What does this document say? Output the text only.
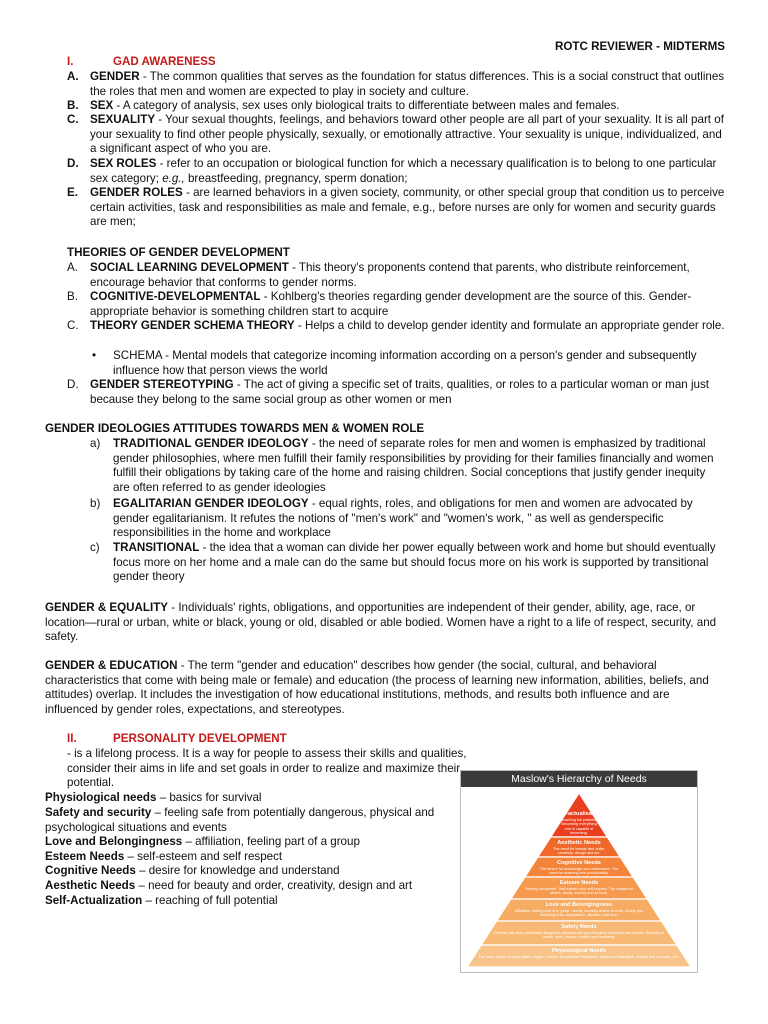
ROTC REVIEWER - MIDTERMS
I.	GAD AWARENESS
A. GENDER - The common qualities that serves as the foundation for status differences. This is a social construct that outlines the roles that men and women are expected to play in society and culture.
B. SEX - A category of analysis, sex uses only biological traits to differentiate between males and females.
C. SEXUALITY - Your sexual thoughts, feelings, and behaviors toward other people are all part of your sexuality. It is all part of your sexuality to find other people physically, sexually, or emotionally attractive. Your sexuality is unique, individualized, and a significant aspect of who you are.
D. SEX ROLES - refer to an occupation or biological function for which a necessary qualification is to belong to one particular sex category; e.g., breastfeeding, pregnancy, sperm donation;
E. GENDER ROLES - are learned behaviors in a given society, community, or other special group that condition us to perceive certain activities, task and responsibilities as male and female, e.g., before nurses are only for women and security guards are men;
THEORIES OF GENDER DEVELOPMENT
A. SOCIAL LEARNING DEVELOPMENT - This theory's proponents contend that parents, who distribute reinforcement, encourage behavior that conforms to gender norms.
B. COGNITIVE-DEVELOPMENTAL - Kohlberg's theories regarding gender development are the source of this. Gender-appropriate behavior is something children start to acquire
C. THEORY GENDER SCHEMA THEORY - Helps a child to develop gender identity and formulate an appropriate gender role.
• SCHEMA - Mental models that categorize incoming information according on a person's gender and subsequently influence how that person views the world
D. GENDER STEREOTYPING - The act of giving a specific set of traits, qualities, or roles to a particular woman or man just because they belong to the same social group as other women or men
GENDER IDEOLOGIES ATTITUDES TOWARDS MEN & WOMEN ROLE
a) TRADITIONAL GENDER IDEOLOGY - the need of separate roles for men and women is emphasized by traditional gender philosophies, where men fulfill their family responsibilities by providing for their families financially and women fulfill their obligations by taking care of the home and raising children. Social conceptions that justify gender inequity are often referred to as gender ideologies
b) EGALITARIAN GENDER IDEOLOGY - equal rights, roles, and obligations for men and women are advocated by gender egalitarianism. It refutes the notions of "men's work" and "women's work, " as well as genderspecific responsibilities in the home and workplace
c) TRANSITIONAL - the idea that a woman can divide her power equally between work and home but should eventually focus more on her home and a male can do the same but should focus more on his work is supported by transitional gender theory
GENDER & EQUALITY - Individuals' rights, obligations, and opportunities are independent of their gender, ability, age, race, or location—rural or urban, white or black, young or old, disabled or able bodied. Women have a right to a life of respect, security, and safety.
GENDER & EDUCATION - The term "gender and education" describes how gender (the social, cultural, and behavioral characteristics that come with being male or female) and education (the process of learning new information, abilities, beliefs, and attitudes) overlap. It includes the investigation of how educational institutions, methods, and results both influence and are influenced by gender roles, expectations, and stereotypes.
II.	PERSONALITY DEVELOPMENT
- is a lifelong process. It is a way for people to assess their skills and qualities, consider their aims in life and set goals in order to realize and maximize their potential.
Physiological needs – basics for survival
Safety and security – feeling safe from potentially dangerous, physical and psychological situations and events
Love and Belongingness – affiliation, feeling part of a group
Esteem Needs – self-esteem and self respect
Cognitive Needs – desire for knowledge and understand
Aesthetic Needs – need for beauty and order, creativity, design and art
Self-Actualization – reaching of full potential
Maslow's Hierarchy of Needs
Self-actualisation
Reaching full potential. Becoming everything one is capable of becoming.
Aesthetic Needs
The need for beauty and order, creativity, design and art.
Cognitive Needs
The desire for knowledge and understand. The need for meaning and predictability.
Esteem Needs
Feeling competent. Self-esteem and self-respect. The respect of others, family, society and at work.
Love and Belongingness
Affiliation, feeling part of a group - family, sociality and/or at work. Giving and receiving trust, acceptance, affection and love.
Safety Needs
Feeling safe from potentially dangerous physical and psychological situations and events. Security of health, work, money, routine and familiarity.
Physiological Needs
The basic needs of food, water, oxygen, shelter, temperature regulation, sleep and relaxation, activity and exercise, sex.
